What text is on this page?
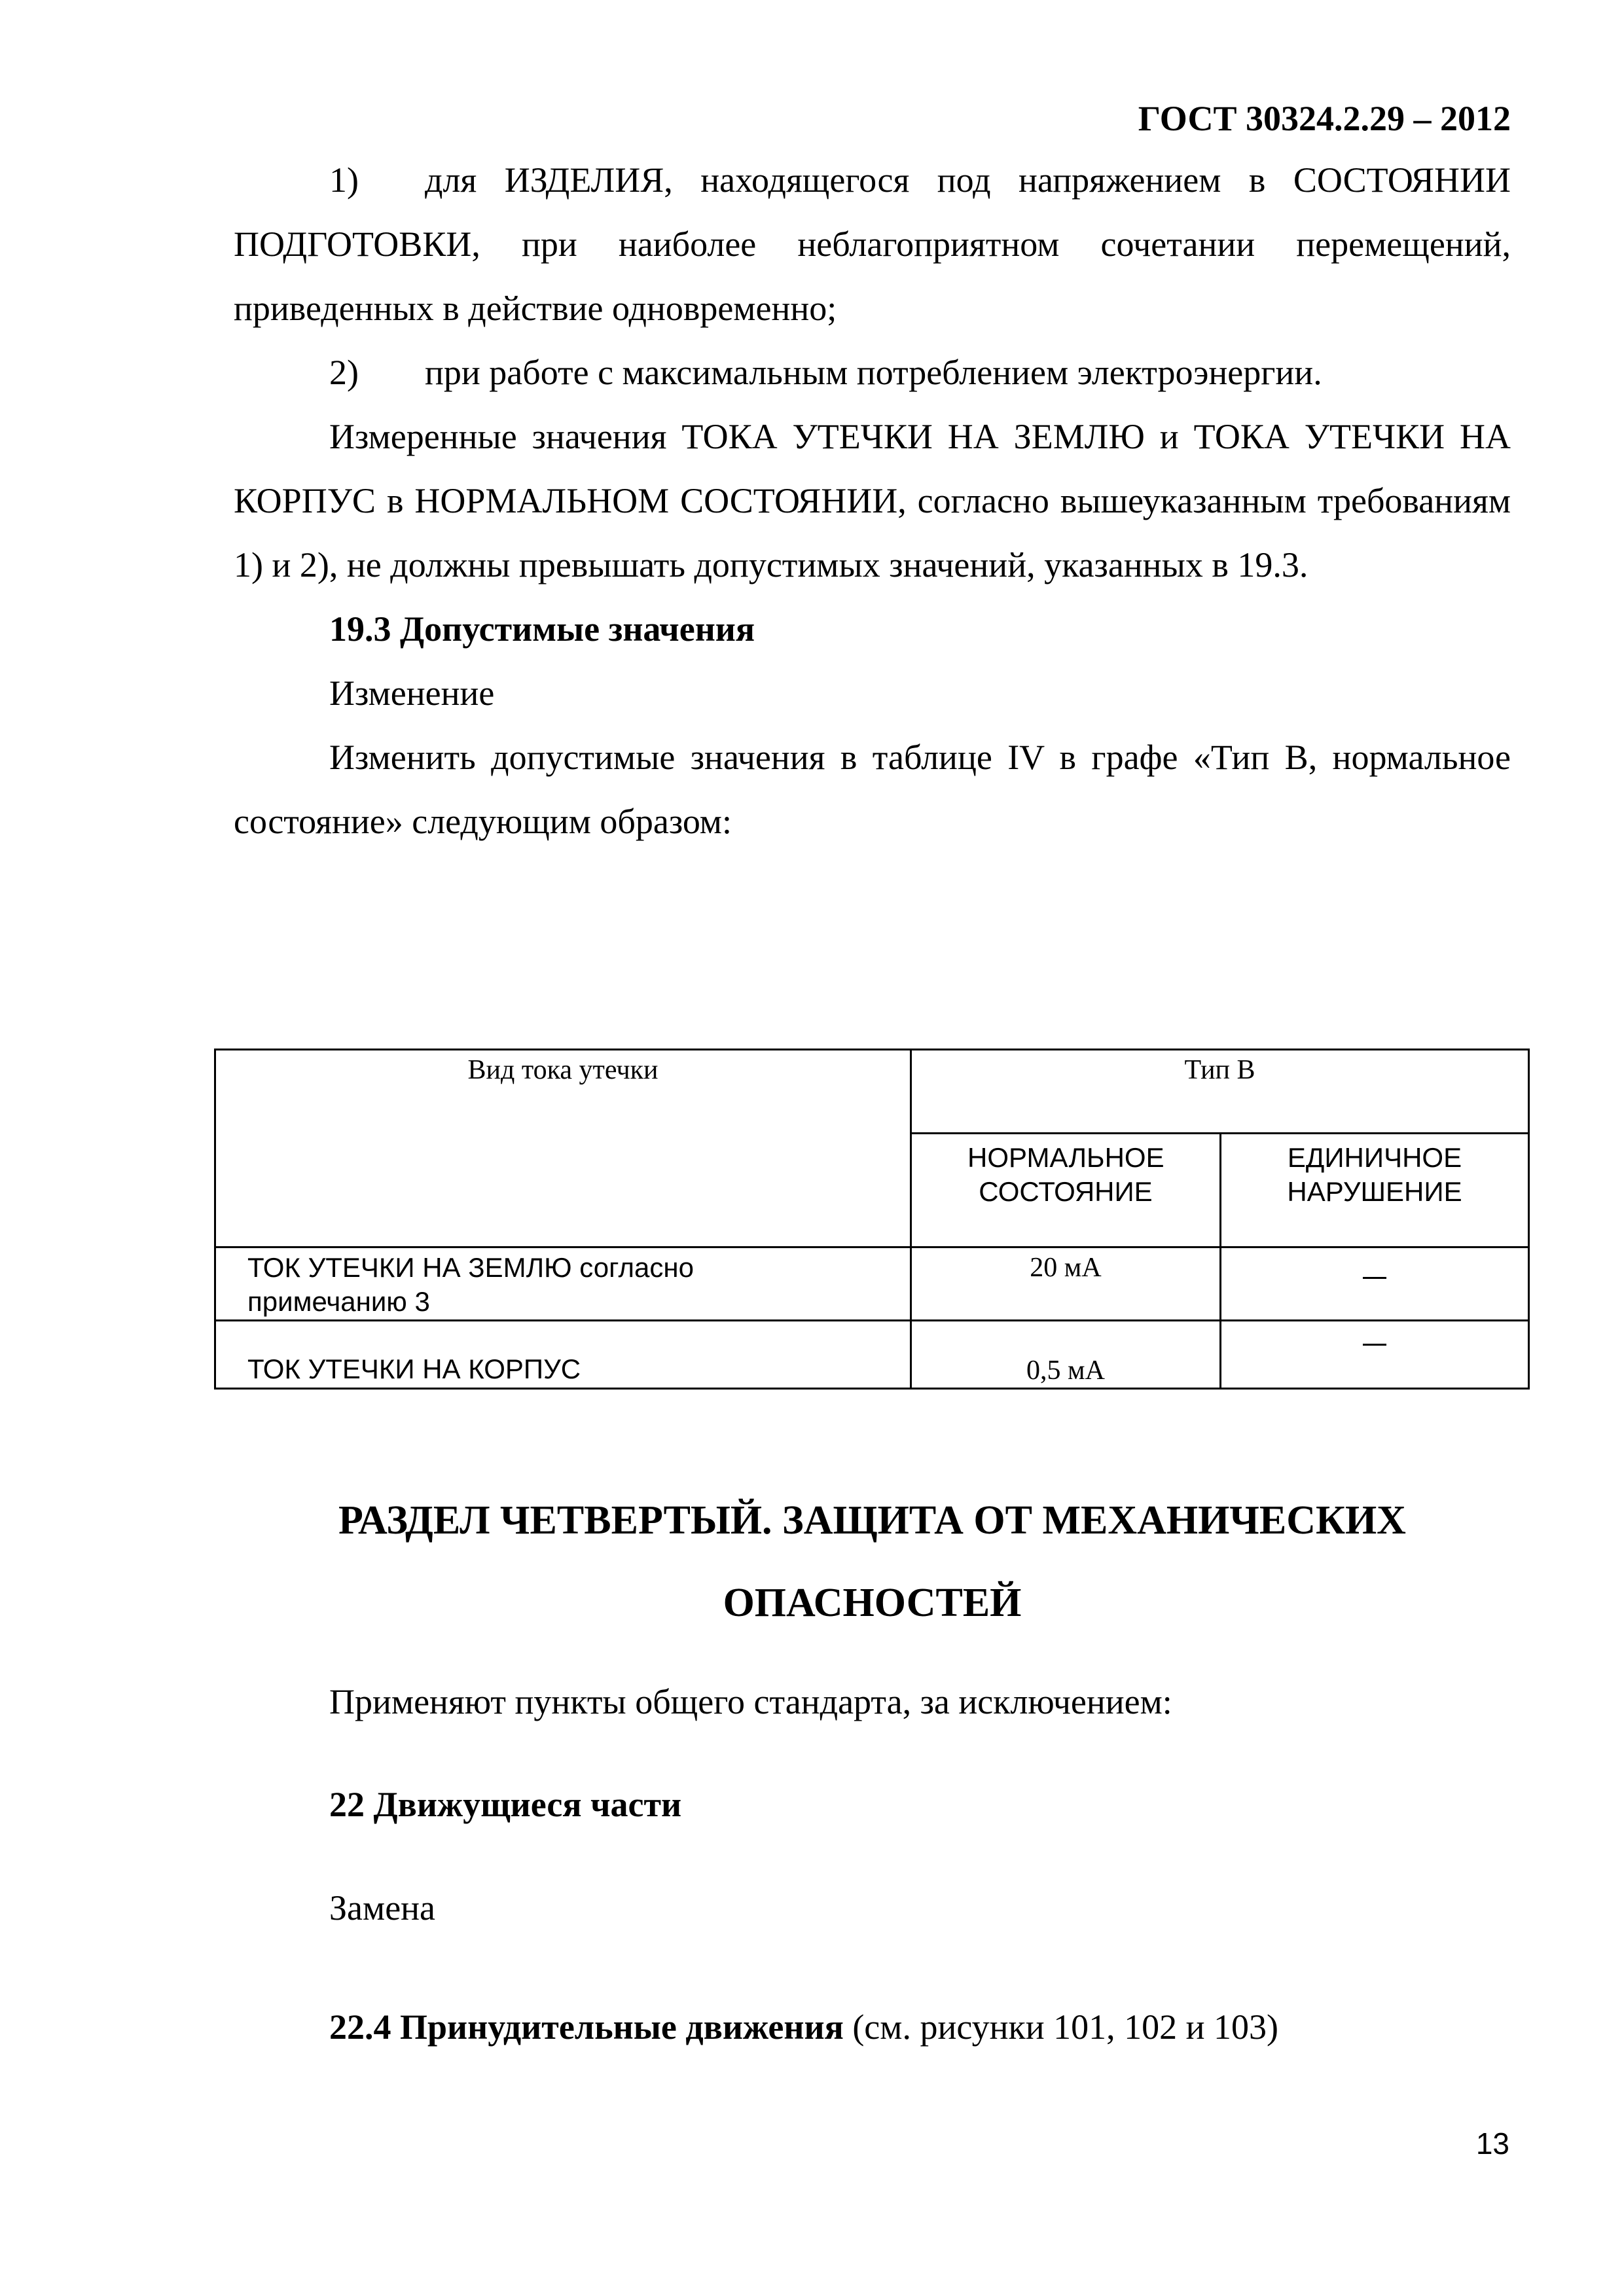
ГОСТ 30324.2.29 – 2012
1)	для ИЗДЕЛИЯ, находящегося под напряжением в СОСТОЯНИИ

ПОДГОТОВКИ, при наиболее неблагоприятном сочетании перемещений, приведенных в действие одновременно;

2)	при работе с максимальным потреблением электроэнергии.

Измеренные значения ТОКА УТЕЧКИ НА ЗЕМЛЮ и ТОКА УТЕЧКИ НА КОРПУС в НОРМАЛЬНОМ СОСТОЯНИИ, согласно вышеуказанным требованиям 1) и 2), не должны превышать допустимых значений, указанных в 19.3.

19.3 Допустимые значения

Изменение

Изменить допустимые значения в таблице IV в графе «Тип В, нормальное состояние» следующим образом:

Вид тока утечки	Тип В	

	НОРМАЛЬНОЕ СОСТОЯНИЕ	ЕДИНИЧНОЕ НАРУШЕНИЕ

ТОК УТЕЧКИ НА ЗЕМЛЮ согласно примечанию 3	20 мА	
ТОК УТЕЧКИ НА КОРПУС	0,5 мА	
РАЗДЕЛ ЧЕТВЕРТЫЙ. ЗАЩИТА ОТ МЕХАНИЧЕСКИХ
ОПАСНОСТЕЙ

Применяют пункты общего стандарта, за исключением:

22 Движущиеся части

Замена

22.4 Принудительные движения (см. рисунки 101, 102 и 103)

13
